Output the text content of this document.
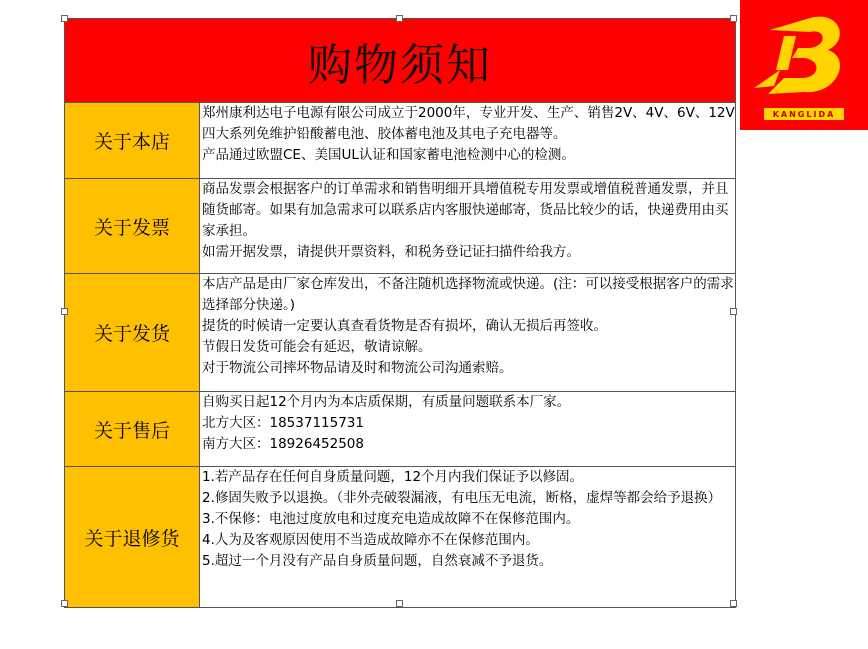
购物须知
关于本店
郑州康利达电子电源有限公司成立于2000年，专业开发、生产、销售2V、4V、6V、12V四大系列免维护铅酸蓄电池、胶体蓄电池及其电子充电器等。
产品通过欧盟CE、美国UL认证和国家蓄电池检测中心的检测。
关于发票
商品发票会根据客户的订单需求和销售明细开具增值税专用发票或增值税普通发票，并且随货邮寄。如果有加急需求可以联系店内客服快递邮寄，货品比较少的话，快递费用由买家承担。
如需开据发票，请提供开票资料，和税务登记证扫描件给我方。
关于发货
本店产品是由厂家仓库发出，不备注随机选择物流或快递。(注：可以接受根据客户的需求选择部分快递。)
提货的时候请一定要认真查看货物是否有损坏，确认无损后再签收。
节假日发货可能会有延迟，敬请谅解。
对于物流公司摔坏物品请及时和物流公司沟通索赔。
关于售后
自购买日起12个月内为本店质保期，有质量问题联系本厂家。
北方大区：18537115731
南方大区：18926452508
关于退修货
1.若产品存在任何自身质量问题，12个月内我们保证予以修固。
2.修固失败予以退换。（非外壳破裂漏液，有电压无电流，断格，虚焊等都会给予退换）
3.不保修：电池过度放电和过度充电造成故障不在保修范围内。
4.人为及客观原因使用不当造成故障亦不在保修范围内。
5.超过一个月没有产品自身质量问题，自然衰减不予退货。
KANGLIDA
